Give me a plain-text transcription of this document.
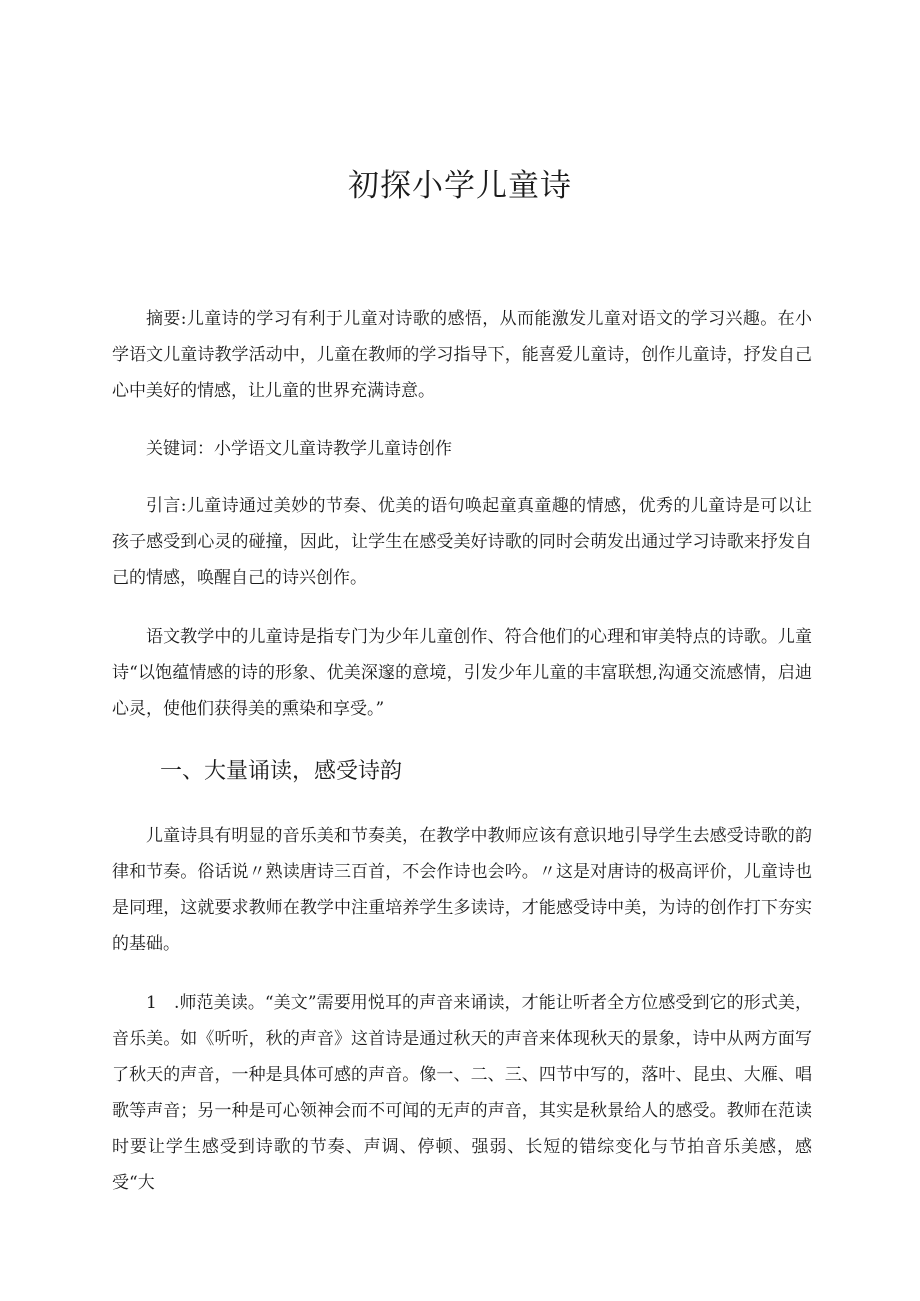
初探小学儿童诗

摘要:儿童诗的学习有利于儿童对诗歌的感悟，从而能激发儿童对语文的学习兴趣。在小学语文儿童诗教学活动中，儿童在教师的学习指导下，能喜爱儿童诗，创作儿童诗，抒发自己心中美好的情感，让儿童的世界充满诗意。

关键词：小学语文儿童诗教学儿童诗创作

引言:儿童诗通过美妙的节奏、优美的语句唤起童真童趣的情感，优秀的儿童诗是可以让孩子感受到心灵的碰撞，因此，让学生在感受美好诗歌的同时会萌发出通过学习诗歌来抒发自己的情感，唤醒自己的诗兴创作。

语文教学中的儿童诗是指专门为少年儿童创作、符合他们的心理和审美特点的诗歌。儿童诗“以饱蕴情感的诗的形象、优美深邃的意境，引发少年儿童的丰富联想,沟通交流感情，启迪心灵，使他们获得美的熏染和享受。”

一、大量诵读，感受诗韵

儿童诗具有明显的音乐美和节奏美，在教学中教师应该有意识地引导学生去感受诗歌的韵律和节奏。俗话说〃熟读唐诗三百首，不会作诗也会吟。〃这是对唐诗的极高评价，儿童诗也是同理，这就要求教师在教学中注重培养学生多读诗，才能感受诗中美，为诗的创作打下夯实的基础。

1　.师范美读。“美文”需要用悦耳的声音来诵读，才能让听者全方位感受到它的形式美，音乐美。如《听听，秋的声音》这首诗是通过秋天的声音来体现秋天的景象，诗中从两方面写了秋天的声音，一种是具体可感的声音。像一、二、三、四节中写的，落叶、昆虫、大雁、唱歌等声音；另一种是可心领神会而不可闻的无声的声音，其实是秋景给人的感受。教师在范读时要让学生感受到诗歌的节奏、声调、停顿、强弱、长短的错综变化与节拍音乐美感，感受“大
